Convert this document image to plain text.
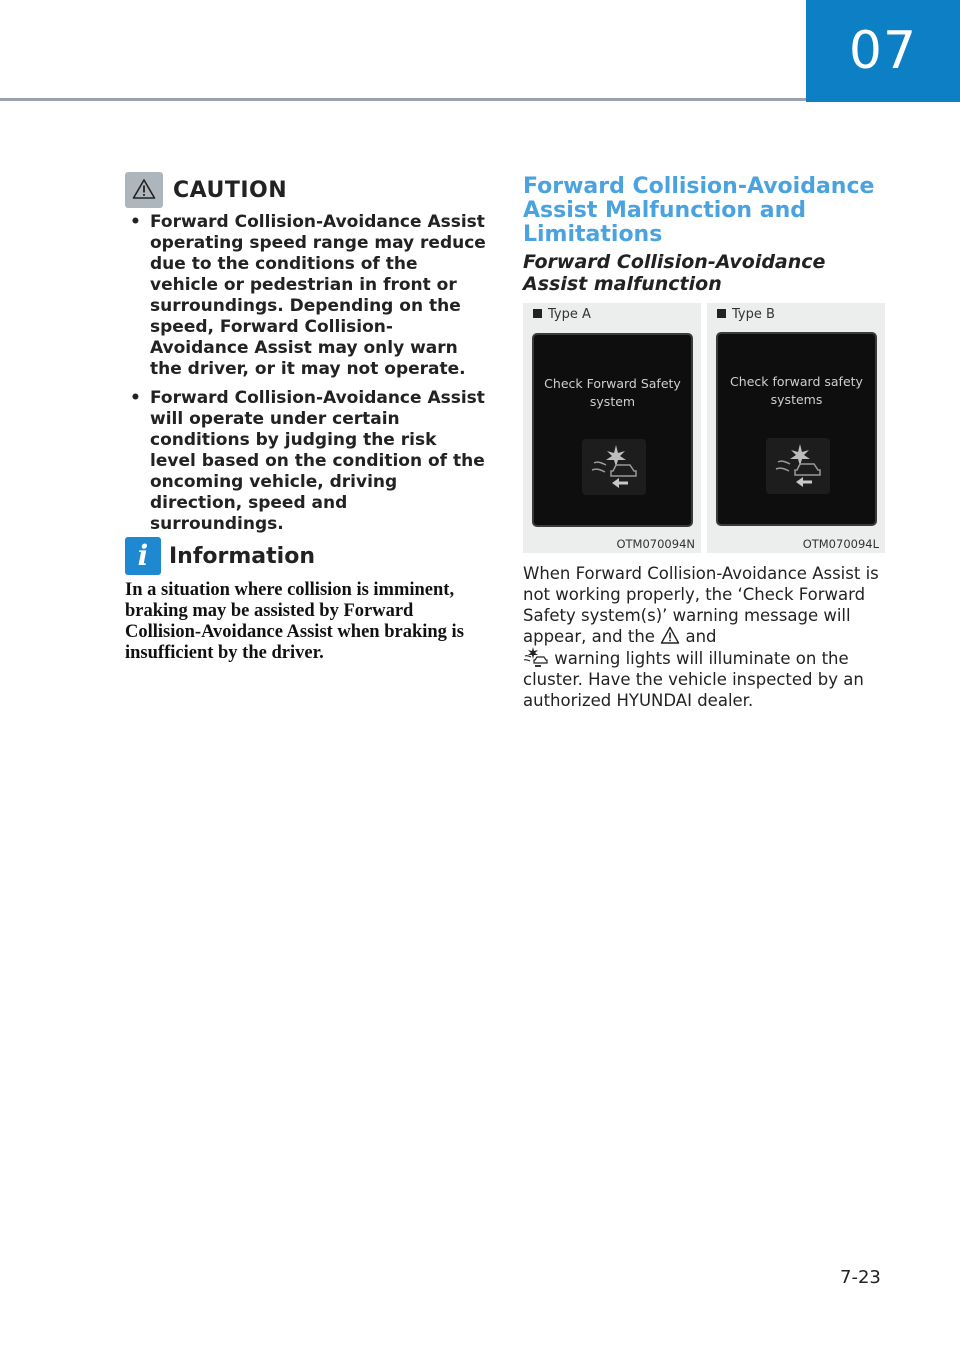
07
CAUTION
• Forward Collision-Avoidance Assist operating speed range may reduce due to the conditions of the vehicle or pedestrian in front or surroundings. Depending on the speed, Forward Collision-Avoidance Assist may only warn the driver, or it may not operate.
• Forward Collision-Avoidance Assist will operate under certain conditions by judging the risk level based on the condition of the oncoming vehicle, driving direction, speed and surroundings.
i Information
In a situation where collision is imminent, braking may be assisted by Forward Collision-Avoidance Assist when braking is insufficient by the driver.
Forward Collision-Avoidance Assist Malfunction and Limitations
Forward Collision-Avoidance Assist malfunction
Type A
Check Forward Safety system
OTM070094N
Type B
Check forward safety systems
OTM070094L
When Forward Collision-Avoidance Assist is not working properly, the ‘Check Forward Safety system(s)’ warning message will appear, and the and
warning lights will illuminate on the cluster. Have the vehicle inspected by an authorized HYUNDAI dealer.
7-23
